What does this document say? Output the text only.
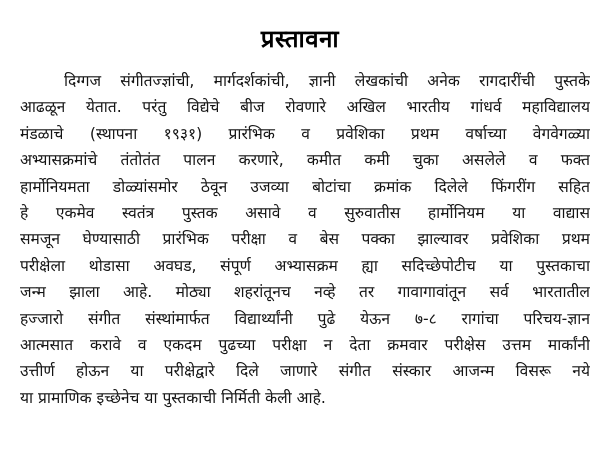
प्रस्तावना
दिग्गज संगीतज्ज्ञांची, मार्गदर्शकांची, ज्ञानी लेखकांची अनेक रागदारींची पुस्तके
आढळून येतात. परंतु विद्येचे बीज रोवणारे अखिल भारतीय गांधर्व महाविद्यालय
मंडळाचे (स्थापना १९३१) प्रारंभिक व प्रवेशिका प्रथम वर्षाच्या वेगवेगळ्या
अभ्यासक्रमांचे तंतोतंत पालन करणारे, कमीत कमी चुका असलेले व फक्त
हार्मोनियमता डोळ्यांसमोर ठेवून उजव्या बोटांचा क्रमांक दिलेले फिंगरींग सहित
हे एकमेव स्वतंत्र पुस्तक असावे व सुरुवातीस हार्मोनियम या वाद्यास
समजून घेण्यासाठी प्रारंभिक परीक्षा व बेस पक्का झाल्यावर प्रवेशिका प्रथम
परीक्षेला थोडासा अवघड, संपूर्ण अभ्यासक्रम ह्या सदिच्छेपोटीच या पुस्तकाचा
जन्म झाला आहे. मोठ्या शहरांतूनच नव्हे तर गावागावांतून सर्व भारतातील
हज्जारो संगीत संस्थांमार्फत विद्यार्थ्यांनी पुढे येऊन ७-८ रागांचा परिचय-ज्ञान
आत्मसात करावे व एकदम पुढच्या परीक्षा न देता क्रमवार परीक्षेस उत्तम मार्कांनी
उत्तीर्ण होऊन या परीक्षेद्वारे दिले जाणारे संगीत संस्कार आजन्म विसरू नये
या प्रामाणिक इच्छेनेच या पुस्तकाची निर्मिती केली आहे.
